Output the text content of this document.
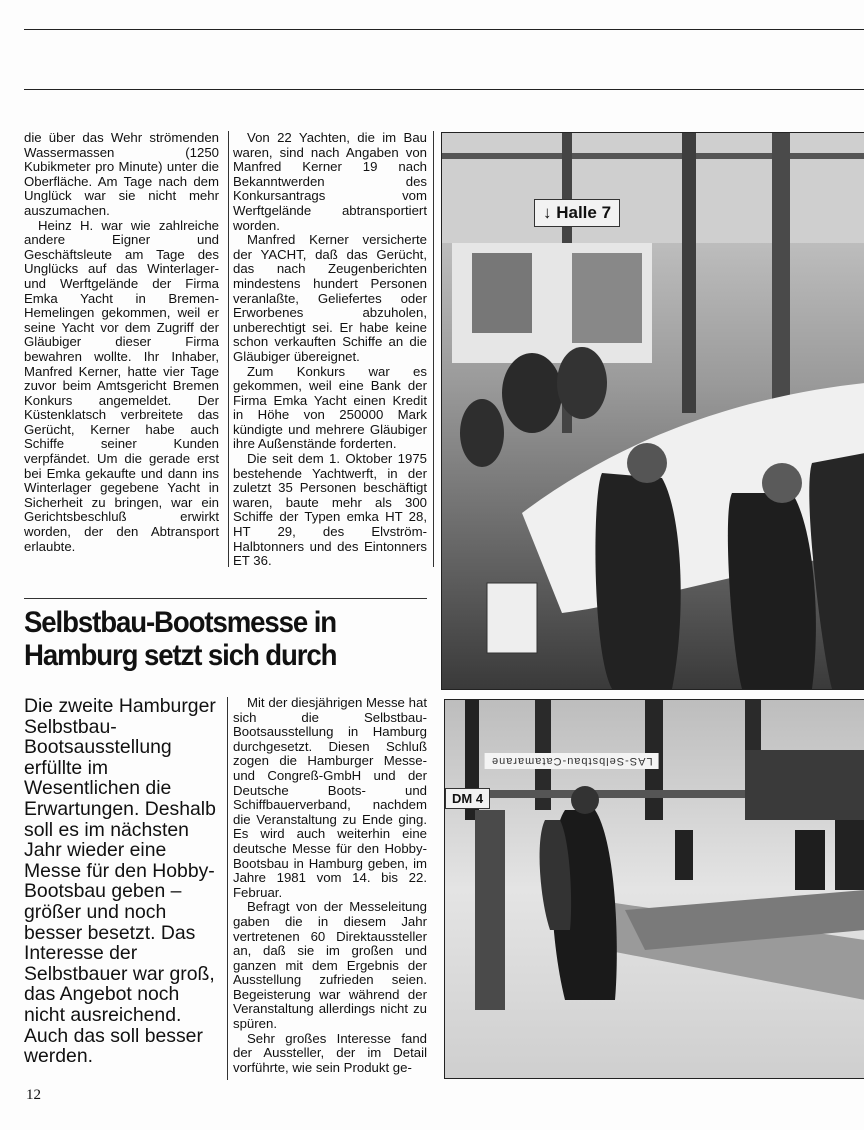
die über das Wehr strömenden Wassermassen (1250 Kubikmeter pro Minute) unter die Oberfläche. Am Tage nach dem Unglück war sie nicht mehr auszumachen.

Heinz H. war wie zahlreiche andere Eigner und Geschäftsleute am Tage des Unglücks auf das Winterlager- und Werftgelände der Firma Emka Yacht in Bremen-Hemelingen gekommen, weil er seine Yacht vor dem Zugriff der Gläubiger dieser Firma bewahren wollte. Ihr Inhaber, Manfred Kerner, hatte vier Tage zuvor beim Amtsgericht Bremen Konkurs angemeldet. Der Küstenklatsch verbreitete das Gerücht, Kerner habe auch Schiffe seiner Kunden verpfändet. Um die gerade erst bei Emka gekaufte und dann ins Winterlager gegebene Yacht in Sicherheit zu bringen, war ein Gerichtsbeschluß erwirkt worden, der den Abtransport erlaubte.

Von 22 Yachten, die im Bau waren, sind nach Angaben von Manfred Kerner 19 nach Bekanntwerden des Konkursantrags vom Werftgelände abtransportiert worden.

Manfred Kerner versicherte der YACHT, daß das Gerücht, das nach Zeugenberichten mindestens hundert Personen veranlaßte, Geliefertes oder Erworbenes abzuholen, unberechtigt sei. Er habe keine schon verkauften Schiffe an die Gläubiger übereignet.

Zum Konkurs war es gekommen, weil eine Bank der Firma Emka Yacht einen Kredit in Höhe von 250000 Mark kündigte und mehrere Gläubiger ihre Außenstände forderten.

Die seit dem 1. Oktober 1975 bestehende Yachtwerft, in der zuletzt 35 Personen beschäftigt waren, baute mehr als 300 Schiffe der Typen emka HT 28, HT 29, des Elvström-Halbtonners und des Eintonners ET 36.

↓ Halle 7
Selbstbau-Bootsmesse in Hamburg setzt sich durch

Die zweite Hamburger Selbstbau-Bootsausstellung erfüllte im Wesentlichen die Erwartungen. Deshalb soll es im nächsten Jahr wieder eine Messe für den Hobby-Bootsbau geben – größer und noch besser besetzt. Das Interesse der Selbstbauer war groß, das Angebot noch nicht ausreichend. Auch das soll besser werden.

Mit der diesjährigen Messe hat sich die Selbstbau-Bootsausstellung in Hamburg durchgesetzt. Diesen Schluß zogen die Hamburger Messe- und Congreß-GmbH und der Deutsche Boots- und Schiffbauerverband, nachdem die Veranstaltung zu Ende ging. Es wird auch weiterhin eine deutsche Messe für den Hobby-Bootsbau in Hamburg geben, im Jahre 1981 vom 14. bis 22. Februar.

Befragt von der Messeleitung gaben die in diesem Jahr vertretenen 60 Direktaussteller an, daß sie im großen und ganzen mit dem Ergebnis der Ausstellung zufrieden seien. Begeisterung war während der Veranstaltung allerdings nicht zu spüren.

Sehr großes Interesse fand der Aussteller, der im Detail vorführte, wie sein Produkt ge-

LAS-Selbstbau-Catamarane
DM 4
12
